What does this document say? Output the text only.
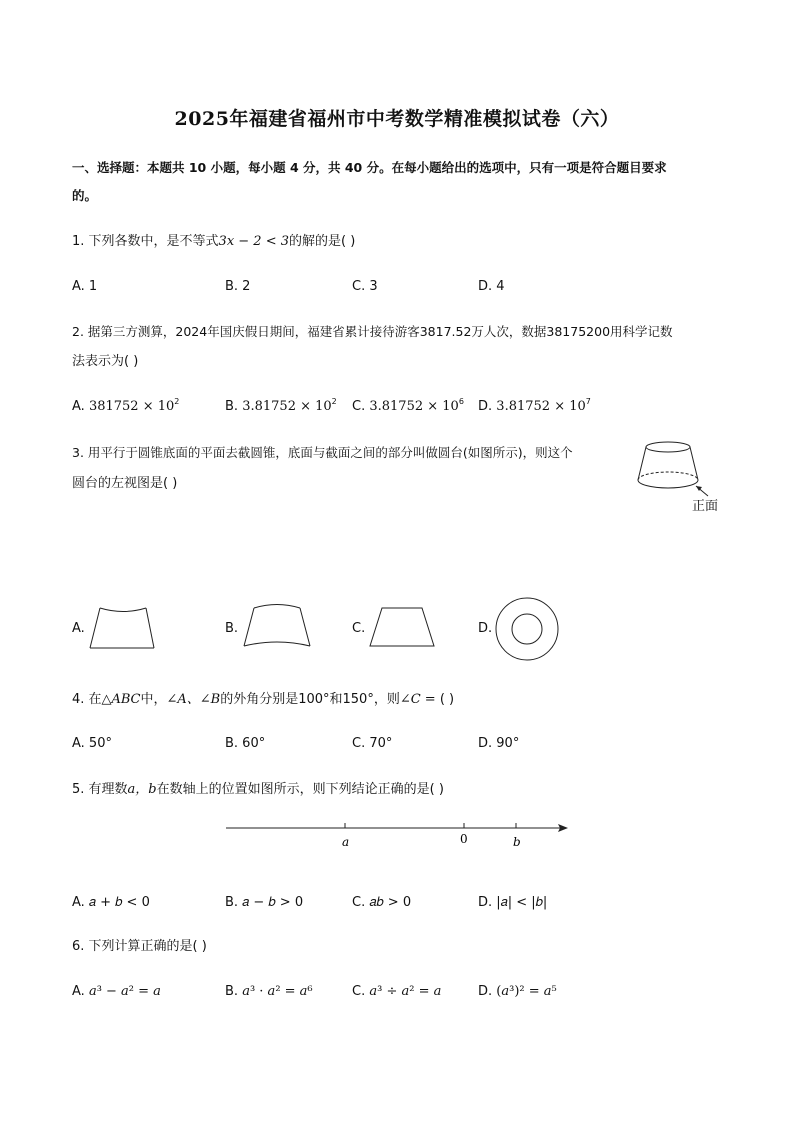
2025年福建省福州市中考数学精准模拟试卷（六）
一、选择题：本题共 10 小题，每小题 4 分，共 40 分。在每小题给出的选项中，只有一项是符合题目要求
的。
1. 下列各数中，是不等式3𝑥 − 2 < 3的解的是( )
A. 1	B. 2	C. 3	D. 4
2. 据第三方测算，2024年国庆假日期间，福建省累计接待游客3817.52万人次，数据38175200用科学记数
法表示为( )
A. $381752 \times 10^2$	B. $3.81752 \times 10^2$ C. $3.81752 \times 10^6$ D. $3.81752 \times 10^7$
3. 用平行于圆锥底面的平面去截圆锥，底面与截面之间的部分叫做圆台(如图所示)，则这个
圆台的左视图是( )
正面
A.	B.	C.	D.
4. 在△𝐴𝐵𝐶中，∠𝐴、∠𝐵的外角分别是100°和150°，则∠𝐶 = ( )
A. 50°	B. 60°	C. 70°	D. 90°
5. 有理数𝑎，𝑏在数轴上的位置如图所示，则下列结论正确的是( )
a	0	b
A. 𝑎 + 𝑏 < 0	B. 𝑎 − 𝑏 > 0	C. 𝑎𝑏 > 0	D. |𝑎| < |𝑏|
6. 下列计算正确的是( )
A. 𝑎³ − 𝑎² = 𝑎	B. 𝑎³ · 𝑎² = 𝑎⁶	C. 𝑎³ ÷ 𝑎² = 𝑎	D. (𝑎³)² = 𝑎⁵
